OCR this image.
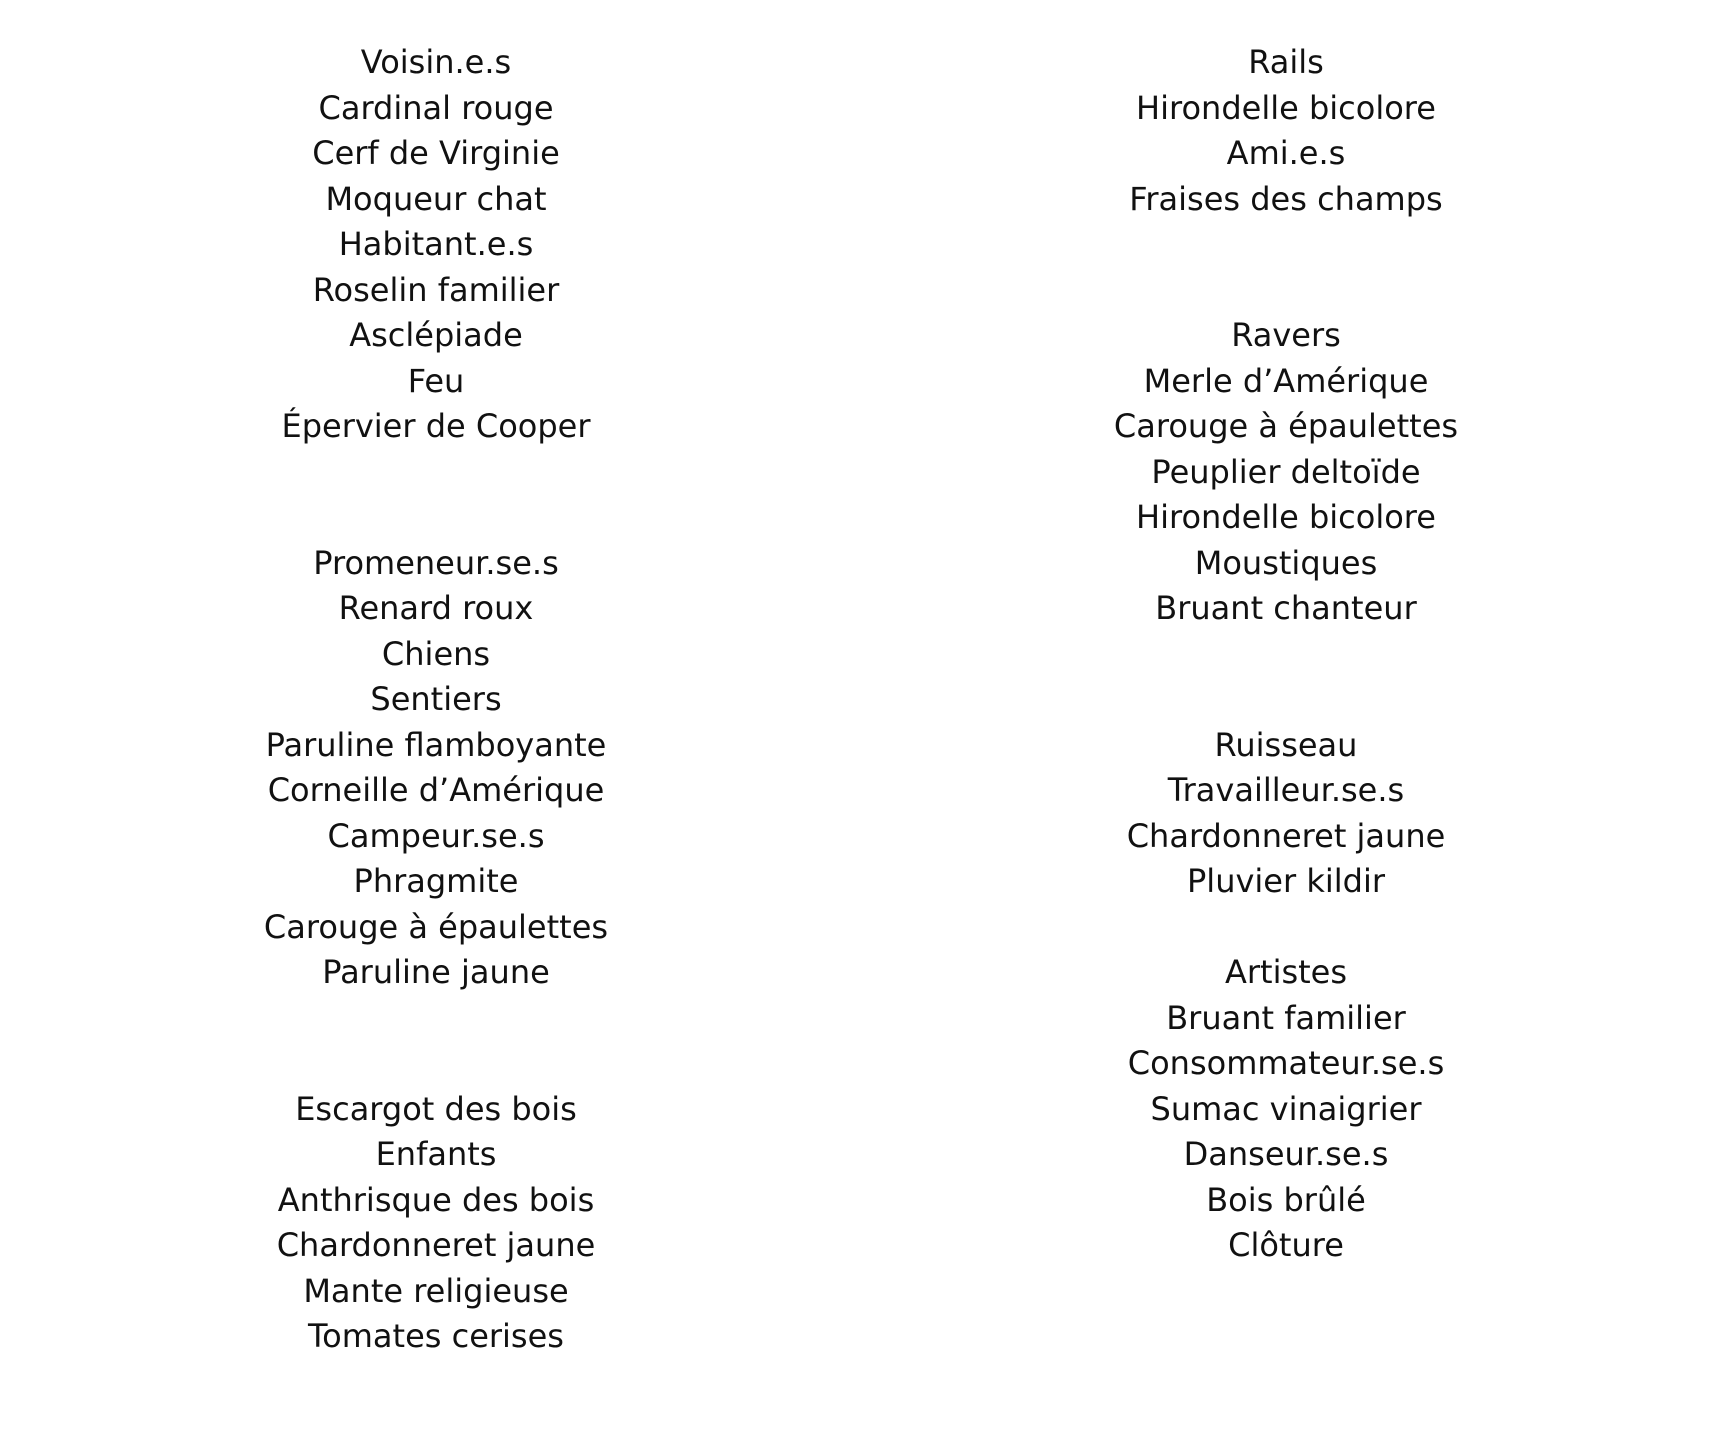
Voisin.e.s
Cardinal rouge
Cerf de Virginie
Moqueur chat
Habitant.e.s
Roselin familier
Asclépiade
Feu
Épervier de Cooper
Promeneur.se.s
Renard roux
Chiens
Sentiers
Paruline flamboyante
Corneille d’Amérique
Campeur.se.s
Phragmite
Carouge à épaulettes
Paruline jaune
Escargot des bois
Enfants
Anthrisque des bois
Chardonneret jaune
Mante religieuse
Tomates cerises
Rails
Hirondelle bicolore
Ami.e.s
Fraises des champs
Ravers
Merle d’Amérique
Carouge à épaulettes
Peuplier deltoïde
Hirondelle bicolore
Moustiques
Bruant chanteur
Ruisseau
Travailleur.se.s
Chardonneret jaune
Pluvier kildir
Artistes
Bruant familier
Consommateur.se.s
Sumac vinaigrier
Danseur.se.s
Bois brûlé
Clôture
